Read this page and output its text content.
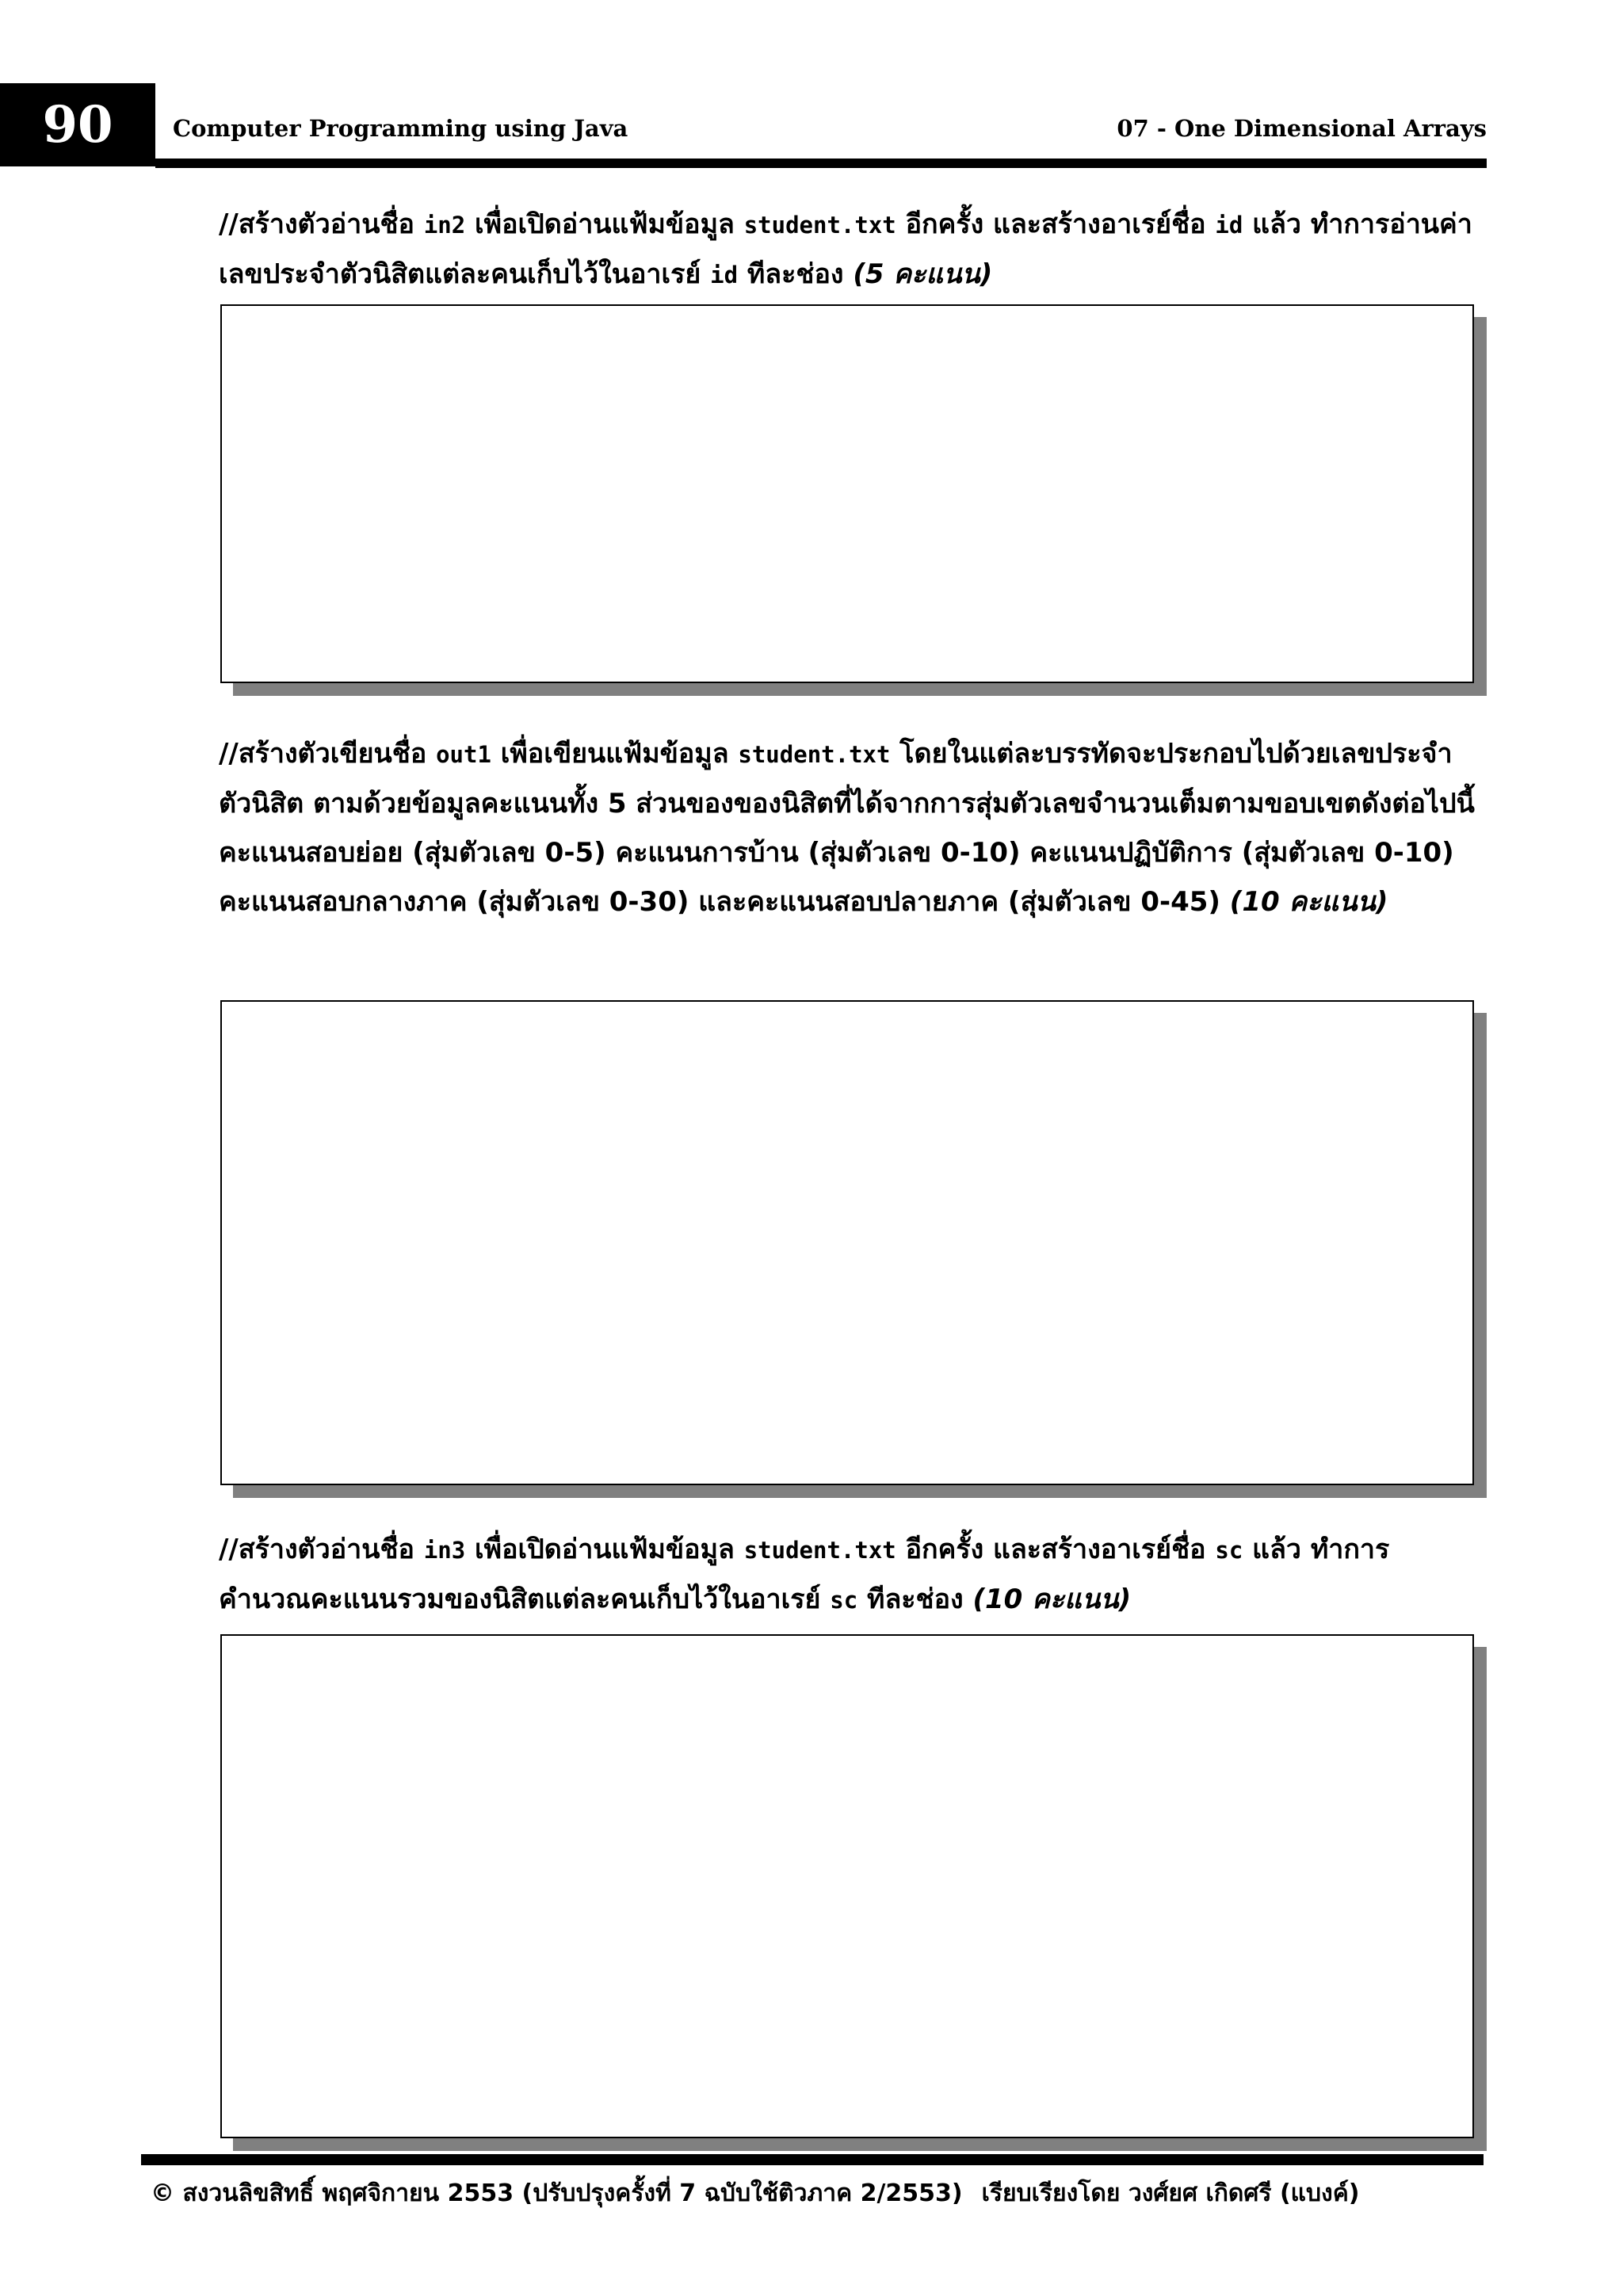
90	Computer Programming using Java	07 - One Dimensional Arrays
//สร้างตัวอ่านชื่อ in2 เพื่อเปิดอ่านแฟ้มข้อมูล student.txt อีกครั้ง และสร้างอาเรย์ชื่อ id แล้ว ทำการอ่านค่าเลขประจำตัวนิสิตแต่ละคนเก็บไว้ในอาเรย์ id ทีละช่อง (5 คะแนน)
//สร้างตัวเขียนชื่อ out1 เพื่อเขียนแฟ้มข้อมูล student.txt โดยในแต่ละบรรทัดจะประกอบไปด้วยเลขประจำตัวนิสิต ตามด้วยข้อมูลคะแนนทั้ง 5 ส่วนของของนิสิตที่ได้จากการสุ่มตัวเลขจำนวนเต็มตามขอบเขตดังต่อไปนี้ คะแนนสอบย่อย (สุ่มตัวเลข 0-5) คะแนนการบ้าน (สุ่มตัวเลข 0-10) คะแนนปฏิบัติการ (สุ่มตัวเลข 0-10) คะแนนสอบกลางภาค (สุ่มตัวเลข 0-30) และคะแนนสอบปลายภาค (สุ่มตัวเลข 0-45) (10 คะแนน)
//สร้างตัวอ่านชื่อ in3 เพื่อเปิดอ่านแฟ้มข้อมูล student.txt อีกครั้ง และสร้างอาเรย์ชื่อ sc แล้ว ทำการคำนวณคะแนนรวมของนิสิตแต่ละคนเก็บไว้ในอาเรย์ sc ทีละช่อง (10 คะแนน)
© สงวนลิขสิทธิ์ พฤศจิกายน 2553 (ปรับปรุงครั้งที่ 7 ฉบับใช้ติวภาค 2/2553) เรียบเรียงโดย วงศ์ยศ เกิดศรี (แบงค์)
